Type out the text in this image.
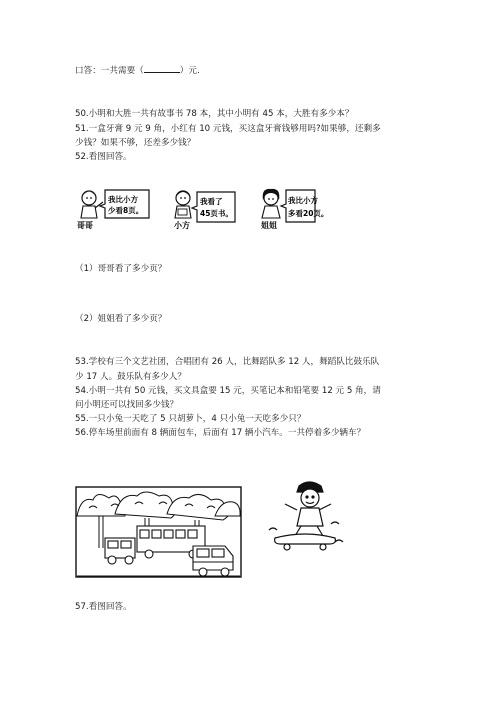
口答：一共需要（	）元.
50.小明和大胜一共有故事书 78 本，其中小明有 45 本，大胜有多少本？
51.一盒牙膏 9 元 9 角，小红有 10 元钱，买这盒牙膏钱够用吗?如果够，还剩多
少钱？如果不够，还差多少钱？
52.看图回答。
哥哥
我比小方
少看8页。
小方
我看了
45页书。
姐姐
我比小方
多看20页。
（1）哥哥看了多少页？
（2）姐姐看了多少页？
53.学校有三个文艺社团，合唱团有 26 人，比舞蹈队多 12 人，舞蹈队比鼓乐队
少 17 人。鼓乐队有多少人？
54.小明一共有 50 元钱，买文具盒要 15 元，买笔记本和铅笔要 12 元 5 角，请
问小明还可以找回多少钱？
55.一只小兔一天吃了 5 只胡萝卜，4 只小兔一天吃多少只？
56.停车场里前面有 8 辆面包车，后面有 17 辆小汽车。一共停着多少辆车？
57.看图回答。
